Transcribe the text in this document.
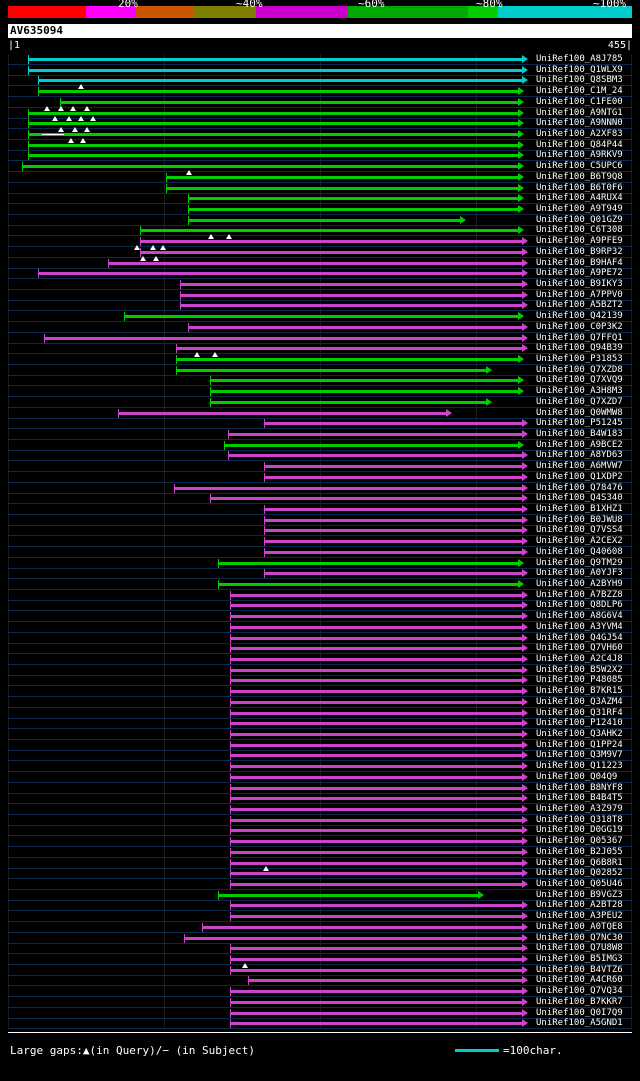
20%	~40%	~60%	~80%	~100%
AV635094
|1	455|
UniRef100_A8J785
UniRef100_Q1WLX9
UniRef100_Q8SBM3
UniRef100_C1M_24
UniRef100_C1FE00
UniRef100_A9NTG1
UniRef100_A9NNN0
UniRef100_A2XF83
UniRef100_Q84P44
UniRef100_A9RKV9
UniRef100_C5UPC6
UniRef100_B6T9Q8
UniRef100_B6T0F6
UniRef100_A4RUX4
UniRef100_A9T949
UniRef100_Q01GZ9
UniRef100_C6T308
UniRef100_A9PFE9
UniRef100_B9RP32
UniRef100_B9HAF4
UniRef100_A9PE72
UniRef100_B9IKY3
UniRef100_A7PPV0
UniRef100_A5BZT2
UniRef100_Q42139
UniRef100_C0P3K2
UniRef100_Q7FFQ1
UniRef100_Q94B39
UniRef100_P31853
UniRef100_Q7XZD8
UniRef100_Q7XVQ9
UniRef100_A3H8M3
UniRef100_Q7XZD7
UniRef100_Q0WMW8
UniRef100_P51245
UniRef100_B4W183
UniRef100_A9BCE2
UniRef100_A8YD63
UniRef100_A6MVW7
UniRef100_Q1XDP2
UniRef100_Q78476
UniRef100_Q4S340
UniRef100_B1XHZ1
UniRef100_B0JWU8
UniRef100_Q7VSS4
UniRef100_A2CEX2
UniRef100_Q40608
UniRef100_Q9TM29
UniRef100_A0YJF3
UniRef100_A2BYH9
UniRef100_A7BZZ8
UniRef100_Q8DLP6
UniRef100_A8G6V4
UniRef100_A3YVM4
UniRef100_Q4GJ54
UniRef100_Q7VH60
UniRef100_A2C4J8
UniRef100_B5W2X2
UniRef100_P48085
UniRef100_B7KR15
UniRef100_Q3AZM4
UniRef100_Q31RF4
UniRef100_P12410
UniRef100_Q3AHK2
UniRef100_Q1PP24
UniRef100_Q3M9V7
UniRef100_Q11223
UniRef100_Q04Q9
UniRef100_B8NYF8
UniRef100_B4B4T5
UniRef100_A3Z979
UniRef100_Q318T8
UniRef100_D0GG19
UniRef100_Q05367
UniRef100_B2J055
UniRef100_Q6B8R1
UniRef100_Q02852
UniRef100_Q05U46
UniRef100_B9VGZ3
UniRef100_A2BT28
UniRef100_A3PEU2
UniRef100_A0TQE8
UniRef100_Q7NC30
UniRef100_Q7U8W8
UniRef100_B5IMG3
UniRef100_B4VTZ6
UniRef100_A4CR60
UniRef100_Q7VQ34
UniRef100_B7KKR7
UniRef100_Q0I7Q9
UniRef100_A5GND1
Large gaps:▲(in Query)/− (in Subject)	=100char.
